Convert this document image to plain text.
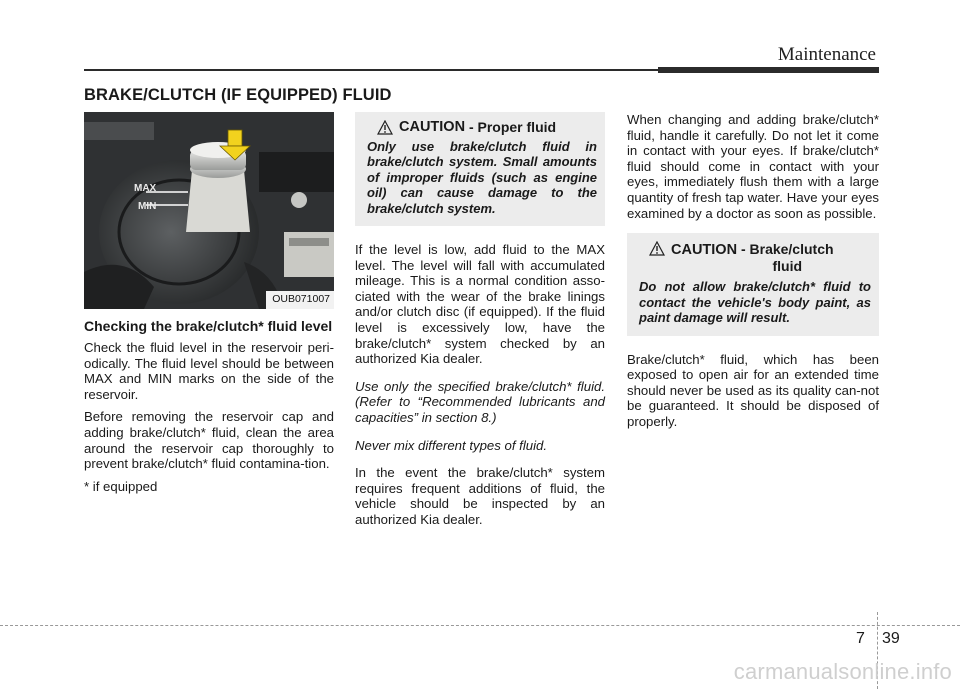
Maintenance
BRAKE/CLUTCH (IF EQUIPPED) FLUID
MAX
MIN
OUB071007
Checking the brake/clutch* fluid level

Check the fluid level in the reservoir peri-odically. The fluid level should be between MAX and MIN marks on the side of the reservoir.

Before removing the reservoir cap and adding brake/clutch* fluid, clean the area around the reservoir cap thoroughly to prevent brake/clutch* fluid contamina-tion.

* if equipped

CAUTION - Proper fluid
Only use brake/clutch fluid in brake/clutch system. Small amounts of improper fluids (such as engine oil) can cause damage to the brake/clutch system.

If the level is low, add fluid to the MAX level. The level will fall with accumulated mileage. This is a normal condition asso-ciated with the wear of the brake linings and/or clutch disc (if equipped). If the fluid level is excessively low, have the brake/clutch* system checked by an authorized Kia dealer.

Use only the specified brake/clutch* fluid. (Refer to “Recommended lubricants and capacities” in section 8.)

Never mix different types of fluid.

In the event the brake/clutch* system requires frequent additions of fluid, the vehicle should be inspected by an authorized Kia dealer.

When changing and adding brake/clutch* fluid, handle it carefully. Do not let it come in contact with your eyes. If brake/clutch* fluid should come in contact with your eyes, immediately flush them with a large quantity of fresh tap water. Have your eyes examined by a doctor as soon as possible.

CAUTION - Brake/clutch
fluid
Do not allow brake/clutch* fluid to contact the vehicle's body paint, as paint damage will result.

Brake/clutch* fluid, which has been exposed to open air for an extended time should never be used as its quality can-not be guaranteed. It should be disposed of properly.

7 39
carmanualsonline.info
